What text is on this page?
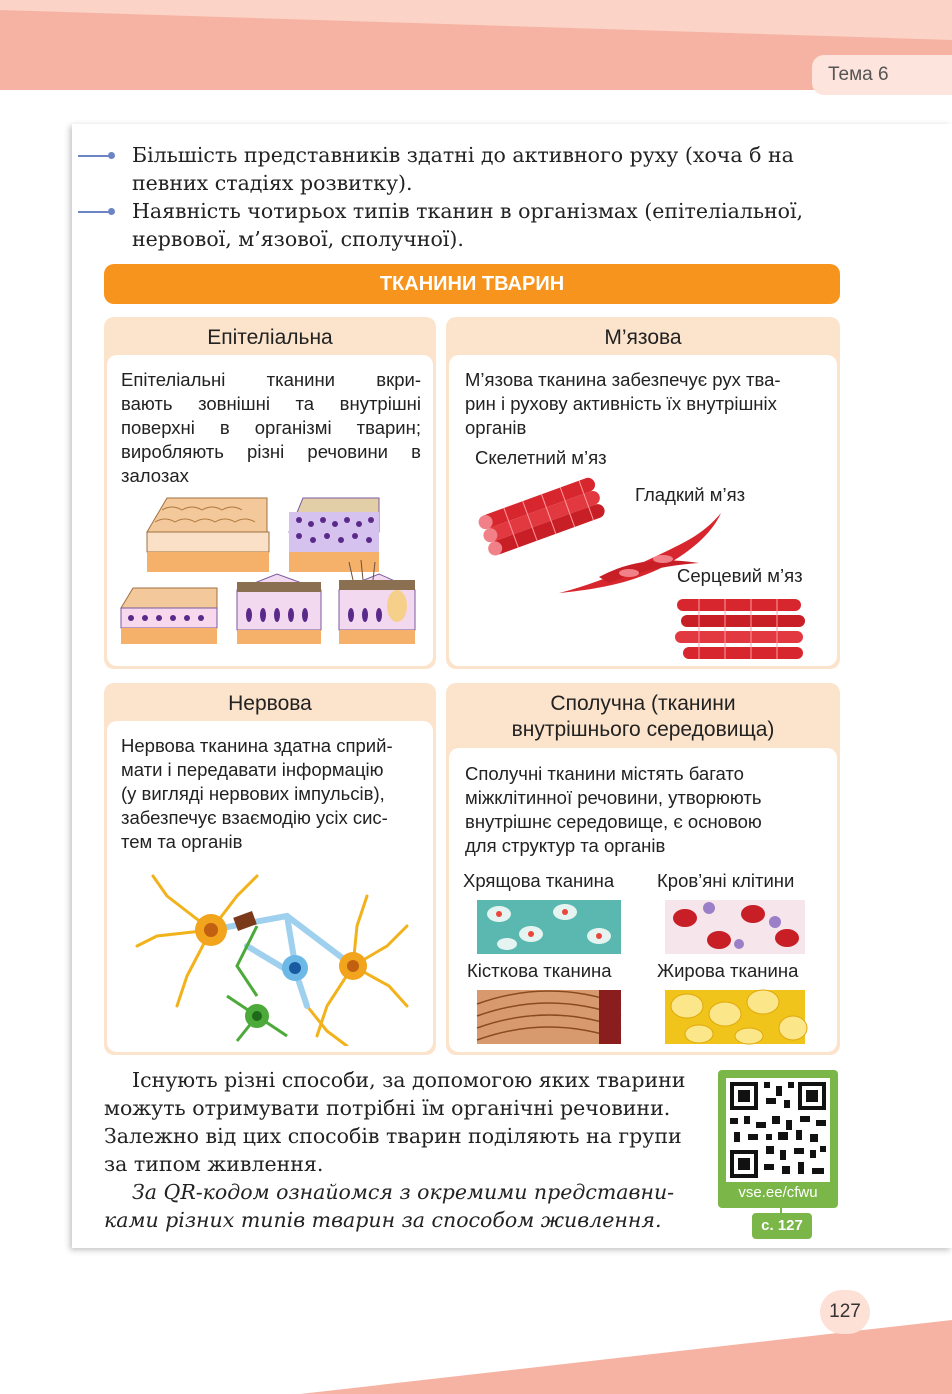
Тема 6
127
Більшість представників здатні до активного руху (хоча б на
певних стадіях розвитку).
Наявність чотирьох типів тканин в організмах (епітеліальної,
нервової, м’язової, сполучної).
ТКАНИНИ ТВАРИН
Епітеліальна
Епітеліальні тканини вкри-
вають зовнішні та внутрішні
поверхні в організмі тварин;
виробляють різні речовини в
залозах
М’язова
М’язова тканина забезпечує рух тва-
рин і рухову активність їх внутрішніх
органів
Скелетний м’яз
Гладкий м’яз
Серцевий м’яз
Нервова
Нервова тканина здатна сприй-
мати і передавати інформацію
(у вигляді нервових імпульсів),
забезпечує взаємодію усіх сис-
тем та органів
Сполучна (тканини
внутрішнього середовища)
Сполучні тканини містять багато
міжклітинної речовини, утворюють
внутрішнє середовище, є основою
для структур та органів
Хрящова тканина Кров’яні клітини
Кісткова тканина Жирова тканина
Існують різні способи, за допомогою яких тварини
можуть отримувати потрібні їм органічні речовини.
Залежно від цих способів тварин поділяють на групи
за типом живлення.
За QR-кодом ознайомся з окремими представни-
ками різних типів тварин за способом живлення.
vse.ee/cfwu
с. 127
